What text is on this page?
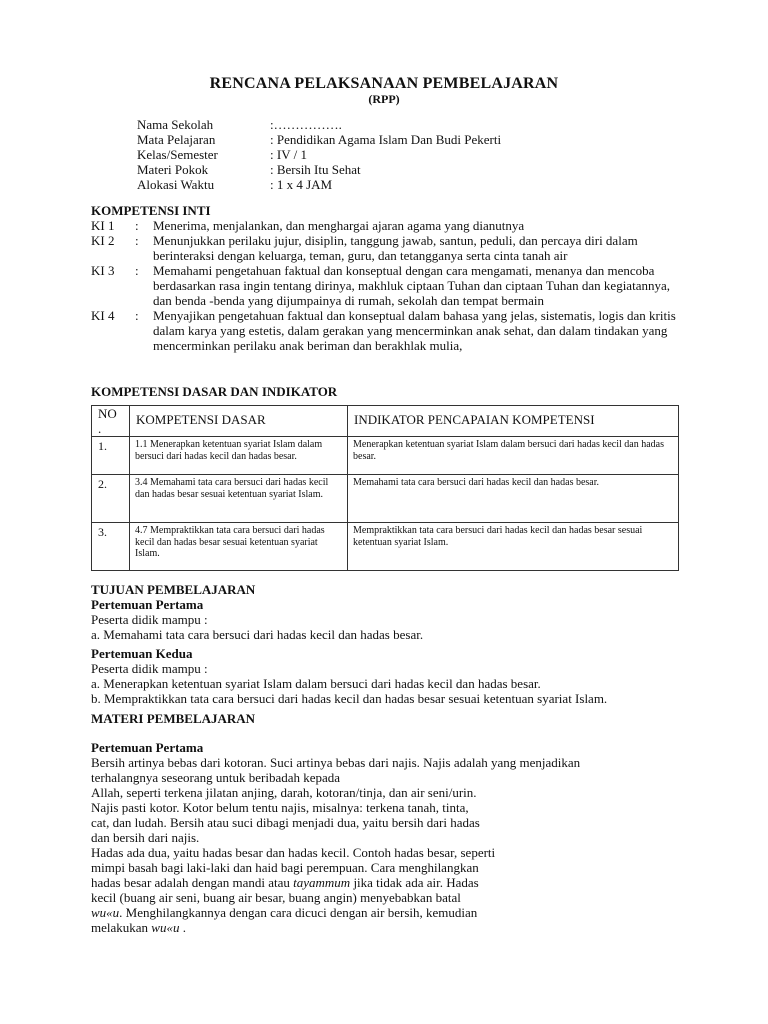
RENCANA PELAKSANAAN PEMBELAJARAN
(RPP)
Nama Sekolah	:…………….
Mata Pelajaran	: Pendidikan Agama Islam Dan Budi Pekerti
Kelas/Semester	: IV / 1
Materi Pokok	: Bersih Itu Sehat
Alokasi Waktu	: 1 x 4 JAM
KOMPETENSI INTI
KI 1	:	Menerima, menjalankan, dan menghargai ajaran agama yang dianutnya
KI 2	:	Menunjukkan perilaku jujur, disiplin, tanggung jawab, santun, peduli, dan percaya diri dalam berinteraksi dengan keluarga, teman, guru, dan tetangganya serta cinta tanah air
KI 3	:	Memahami pengetahuan faktual dan konseptual dengan cara mengamati, menanya dan mencoba berdasarkan rasa ingin tentang dirinya, makhluk ciptaan Tuhan dan ciptaan Tuhan dan kegiatannya, dan benda -benda yang dijumpainya di rumah, sekolah dan tempat bermain
KI 4	:	Menyajikan pengetahuan faktual dan konseptual dalam bahasa yang jelas, sistematis, logis dan kritis dalam karya yang estetis, dalam gerakan yang mencerminkan anak sehat, dan dalam tindakan yang mencerminkan perilaku anak beriman dan berakhlak mulia,
KOMPETENSI DASAR DAN INDIKATOR
NO .	KOMPETENSI DASAR	INDIKATOR PENCAPAIAN KOMPETENSI
1.	1.1 Menerapkan ketentuan syariat Islam dalam bersuci dari hadas kecil dan hadas besar.	Menerapkan ketentuan syariat Islam dalam bersuci dari hadas kecil dan hadas besar.
2.	3.4 Memahami tata cara bersuci dari hadas kecil dan hadas besar sesuai ketentuan syariat Islam.	Memahami tata cara bersuci dari hadas kecil dan hadas besar.
3.	4.7 Mempraktikkan tata cara bersuci dari hadas kecil dan hadas besar sesuai ketentuan syariat Islam.	Mempraktikkan tata cara bersuci dari hadas kecil dan hadas besar sesuai ketentuan syariat Islam.
TUJUAN PEMBELAJARAN
Pertemuan Pertama
Peserta didik mampu :
a. Memahami tata cara bersuci dari hadas kecil dan hadas besar.
Pertemuan Kedua
Peserta didik mampu :
a. Menerapkan ketentuan syariat Islam dalam bersuci dari hadas kecil dan hadas besar.
b. Mempraktikkan tata cara bersuci dari hadas kecil dan hadas besar sesuai ketentuan syariat Islam.
MATERI PEMBELAJARAN
Pertemuan Pertama
Bersih artinya bebas dari kotoran. Suci artinya bebas dari najis. Najis adalah yang menjadikan
terhalangnya seseorang untuk beribadah kepada
Allah, seperti terkena jilatan anjing, darah, kotoran/tinja, dan air seni/urin.
Najis pasti kotor. Kotor belum tentu najis, misalnya: terkena tanah, tinta,
cat, dan ludah. Bersih atau suci dibagi menjadi dua, yaitu bersih dari hadas
dan bersih dari najis.
Hadas ada dua, yaitu hadas besar dan hadas kecil. Contoh hadas besar, seperti
mimpi basah bagi laki-laki dan haid bagi perempuan. Cara menghilangkan
hadas besar adalah dengan mandi atau tayammum jika tidak ada air. Hadas
kecil (buang air seni, buang air besar, buang angin) menyebabkan batal
wu«u. Menghilangkannya dengan cara dicuci dengan air bersih, kemudian
melakukan wu«u .
